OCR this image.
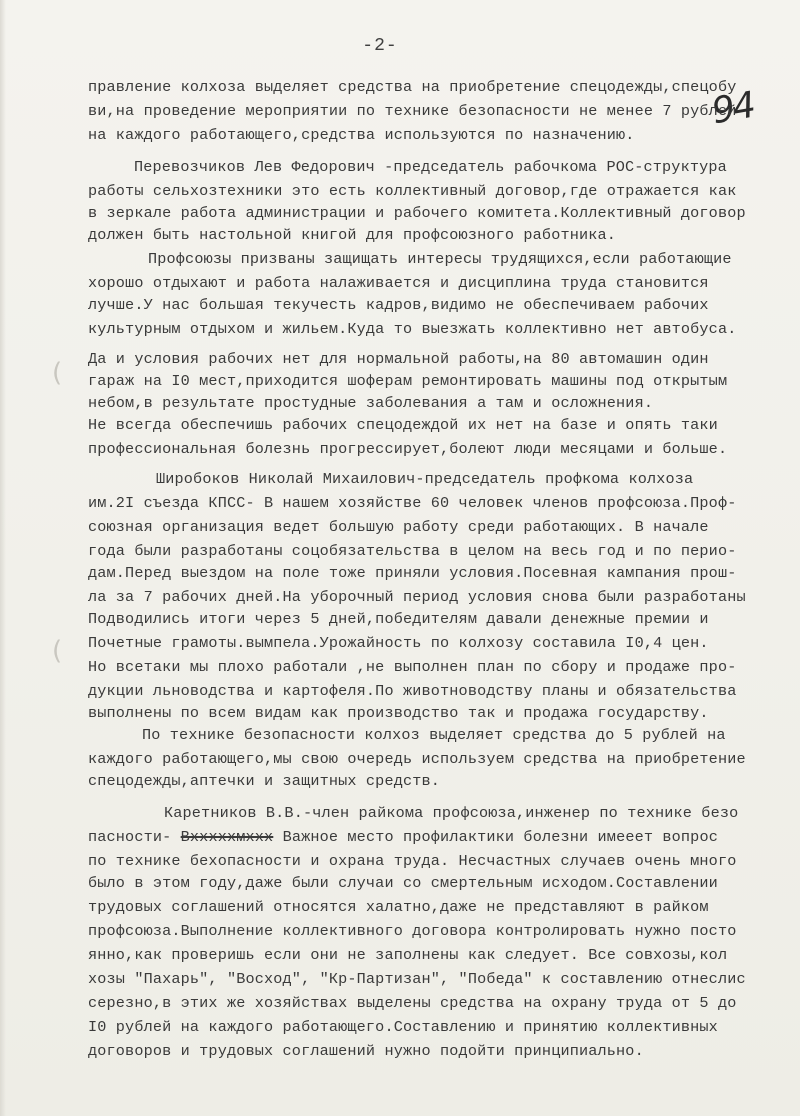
-2-
94
(
(
правление колхоза выделяет средства на приобретение спецодежды,спецобу
ви,на проведение мероприятии по технике безопасности не менее 7 рублей
на каждого работающего,средства используются по назначению.
Перевозчиков Лев Федорович -председатель рабочкома РОС-структура
работы сельхозтехники это есть коллективный договор,где отражается как
в зеркале работа администрации и рабочего комитета.Коллективный договор
должен быть настольной книгой для профсоюзного работника.
Профсоюзы призваны защищать интересы трудящихся,если работающие
хорошо отдыхают и работа налаживается и дисциплина труда становится
лучше.У нас большая текучесть кадров,видимо не обеспечиваем рабочих
культурным отдыхом и жильем.Куда то выезжать коллективно нет автобуса.
Да и условия рабочих нет для нормальной работы,на 80 автомашин один
гараж на I0 мест,приходится шоферам ремонтировать машины под открытым
небом,в результате простудные заболевания а там и осложнения.
Не всегда обеспечишь рабочих спецодеждой их нет на базе и опять таки
профессиональная болезнь прогрессирует,болеют люди месяцами и больше.
Широбоков Николай Михаилович-председатель профкома колхоза
им.2I съезда КПСС- В нашем хозяйстве 60 человек членов профсоюза.Проф-
союзная организация ведет большую работу среди работающих. В начале
года были разработаны соцобязательства в целом на весь год и по перио-
дам.Перед выездом на поле тоже приняли условия.Посевная кампания прош-
ла за 7 рабочих дней.На уборочный период условия снова были разработаны
Подводились итоги через 5 дней,победителям давали денежные премии и
Почетные грамоты.вымпела.Урожайность по колхозу составила I0,4 цен.
Но всетаки мы плохо работали ,не выполнен план по сбору и продаже про-
дукции льноводства и картофеля.По животноводству планы и обязательства
выполнены по всем видам как производство так и продажа государству.
По технике безопасности колхоз выделяет средства до 5 рублей на
каждого работающего,мы свою очередь используем средства на приобретение
спецодежды,аптечки и защитных средств.
Каретников В.В.-член райкома профсоюза,инженер по технике безо
пасности- Вхххххмххх Важное место профилактики болезни имееет вопрос
по технике бехопасности и охрана труда. Несчастных случаев очень много
было в этом году,даже были случаи со смертельным исходом.Составлении
трудовых соглашений относятся халатно,даже не представляют в райком
профсоюза.Выполнение коллективного договора контролировать нужно посто
янно,как проверишь если они не заполнены как следует. Все совхозы,кол
хозы "Пахарь", "Восход", "Кр-Партизан", "Победа" к составлению отнеслис
серезно,в этих же хозяйствах выделены средства на охрану труда от 5 до
I0 рублей на каждого работающего.Составлению и принятию коллективных
договоров и трудовых соглашений нужно подойти принципиально.
